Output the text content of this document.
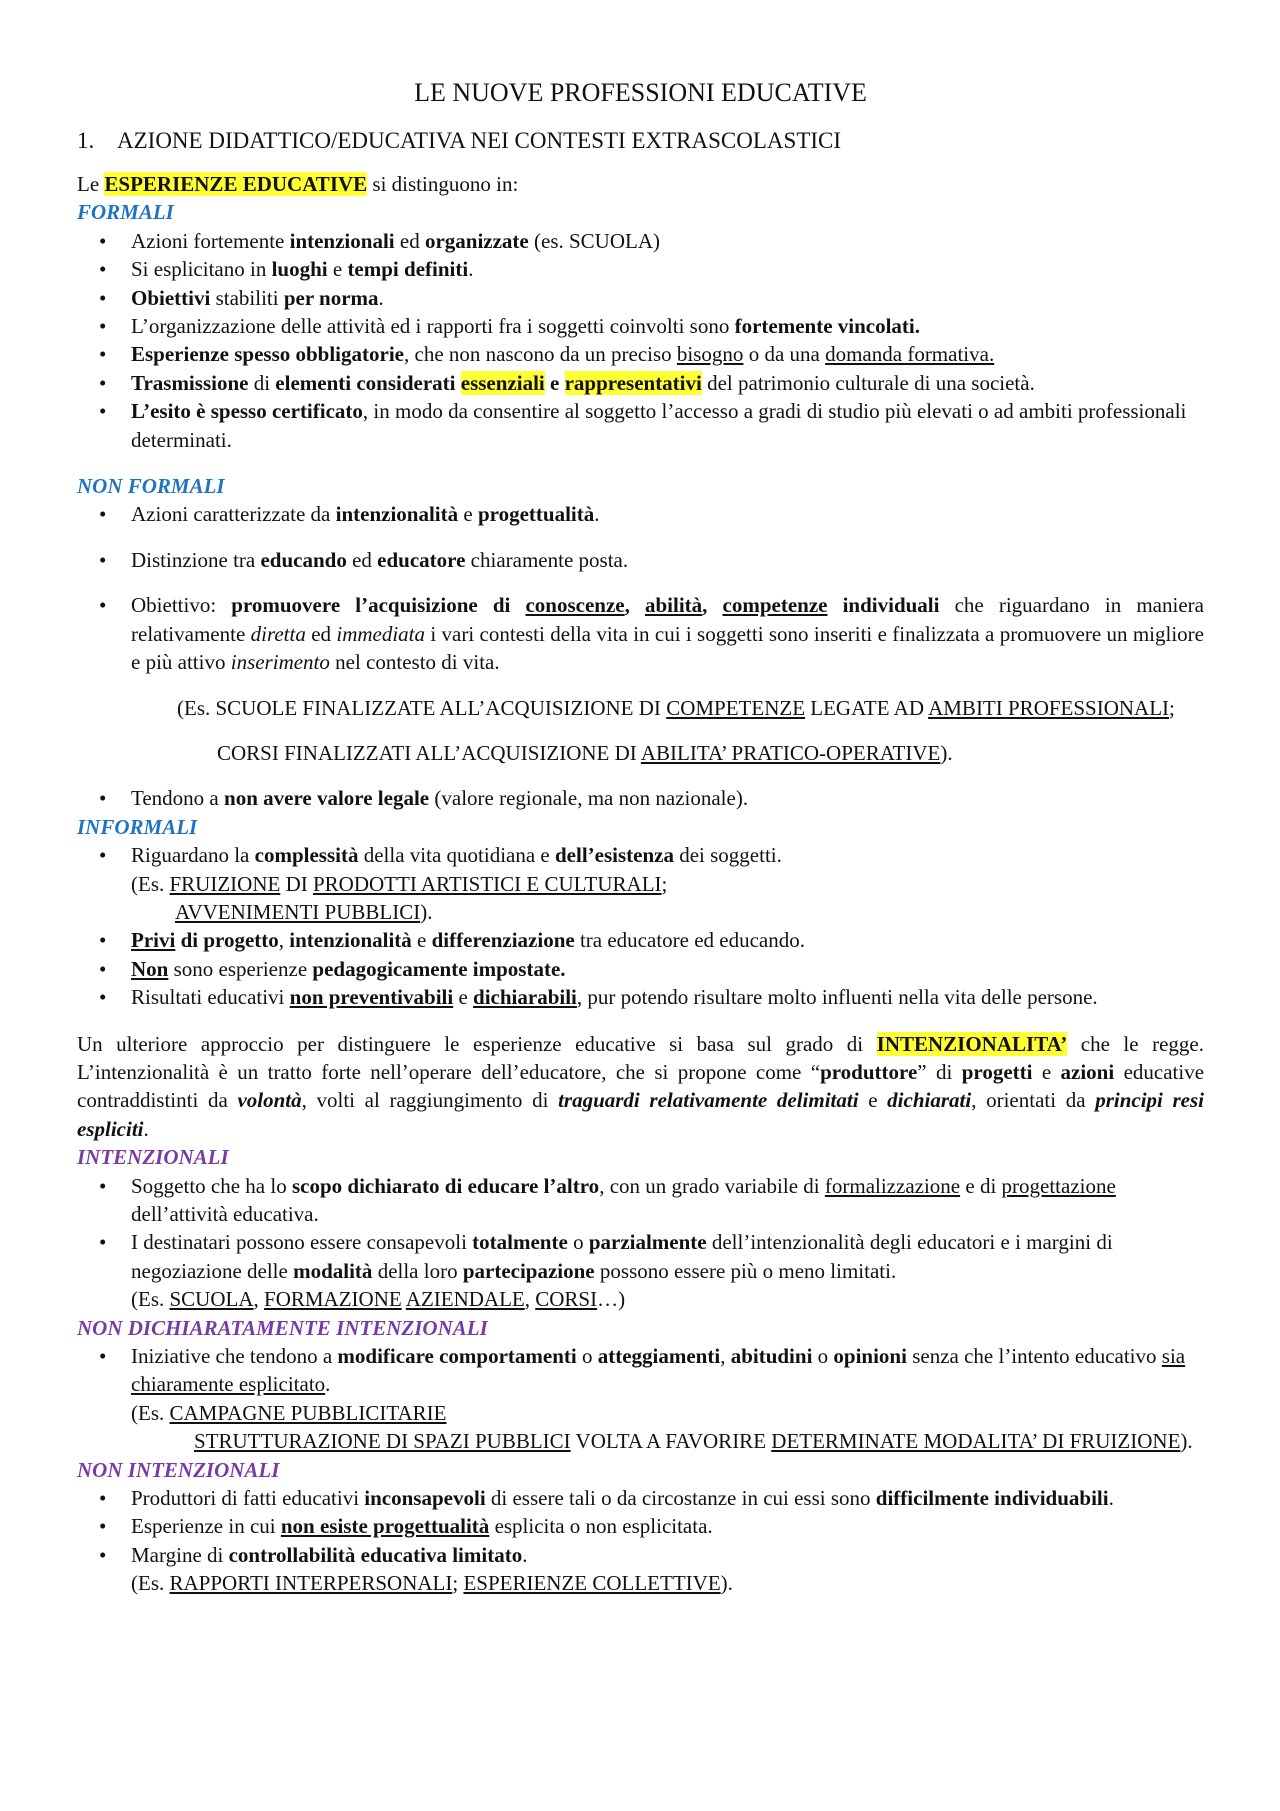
LE NUOVE PROFESSIONI EDUCATIVE
1. AZIONE DIDATTICO/EDUCATIVA NEI CONTESTI EXTRASCOLASTICI

Le ESPERIENZE EDUCATIVE si distinguono in:

FORMALI
• Azioni fortemente intenzionali ed organizzate (es. SCUOLA)
• Si esplicitano in luoghi e tempi definiti.
• Obiettivi stabiliti per norma.
• L’organizzazione delle attività ed i rapporti fra i soggetti coinvolti sono fortemente vincolati.
• Esperienze spesso obbligatorie, che non nascono da un preciso bisogno o da una domanda formativa.
• Trasmissione di elementi considerati essenziali e rappresentativi del patrimonio culturale di una società.
• L’esito è spesso certificato, in modo da consentire al soggetto l’accesso a gradi di studio più elevati o ad ambiti professionali determinati.
NON FORMALI
• Azioni caratterizzate da intenzionalità e progettualità.
• Distinzione tra educando ed educatore chiaramente posta.
• Obiettivo: promuovere l’acquisizione di conoscenze, abilità, competenze individuali che riguardano in maniera relativamente diretta ed immediata i vari contesti della vita in cui i soggetti sono inseriti e finalizzata a promuovere un migliore e più attivo inserimento nel contesto di vita.

(Es. SCUOLE FINALIZZATE ALL’ACQUISIZIONE DI COMPETENZE LEGATE AD AMBITI PROFESSIONALI;

CORSI FINALIZZATI ALL’ACQUISIZIONE DI ABILITA’ PRATICO-OPERATIVE).

• Tendono a non avere valore legale (valore regionale, ma non nazionale).
INFORMALI
• Riguardano la complessità della vita quotidiana e dell’esistenza dei soggetti.

(Es. FRUIZIONE DI PRODOTTI ARTISTICI E CULTURALI;

AVVENIMENTI PUBBLICI).

• Privi di progetto, intenzionalità e differenziazione tra educatore ed educando.
• Non sono esperienze pedagogicamente impostate.
• Risultati educativi non preventivabili e dichiarabili, pur potendo risultare molto influenti nella vita delle persone.

Un ulteriore approccio per distinguere le esperienze educative si basa sul grado di INTENZIONALITA’ che le regge. L’intenzionalità è un tratto forte nell’operare dell’educatore, che si propone come “produttore” di progetti e azioni educative contraddistinti da volontà, volti al raggiungimento di traguardi relativamente delimitati e dichiarati, orientati da principi resi espliciti.

INTENZIONALI
• Soggetto che ha lo scopo dichiarato di educare l’altro, con un grado variabile di formalizzazione e di progettazione dell’attività educativa.
• I destinatari possono essere consapevoli totalmente o parzialmente dell’intenzionalità degli educatori e i margini di negoziazione delle modalità della loro partecipazione possono essere più o meno limitati.

(Es. SCUOLA, FORMAZIONE AZIENDALE, CORSI…)

NON DICHIARATAMENTE INTENZIONALI
• Iniziative che tendono a modificare comportamenti o atteggiamenti, abitudini o opinioni senza che l’intento educativo sia chiaramente esplicitato.

(Es. CAMPAGNE PUBBLICITARIE

STRUTTURAZIONE DI SPAZI PUBBLICI VOLTA A FAVORIRE DETERMINATE MODALITA’ DI FRUIZIONE).

NON INTENZIONALI
• Produttori di fatti educativi inconsapevoli di essere tali o da circostanze in cui essi sono difficilmente individuabili.
• Esperienze in cui non esiste progettualità esplicita o non esplicitata.
• Margine di controllabilità educativa limitato.

(Es. RAPPORTI INTERPERSONALI; ESPERIENZE COLLETTIVE).
